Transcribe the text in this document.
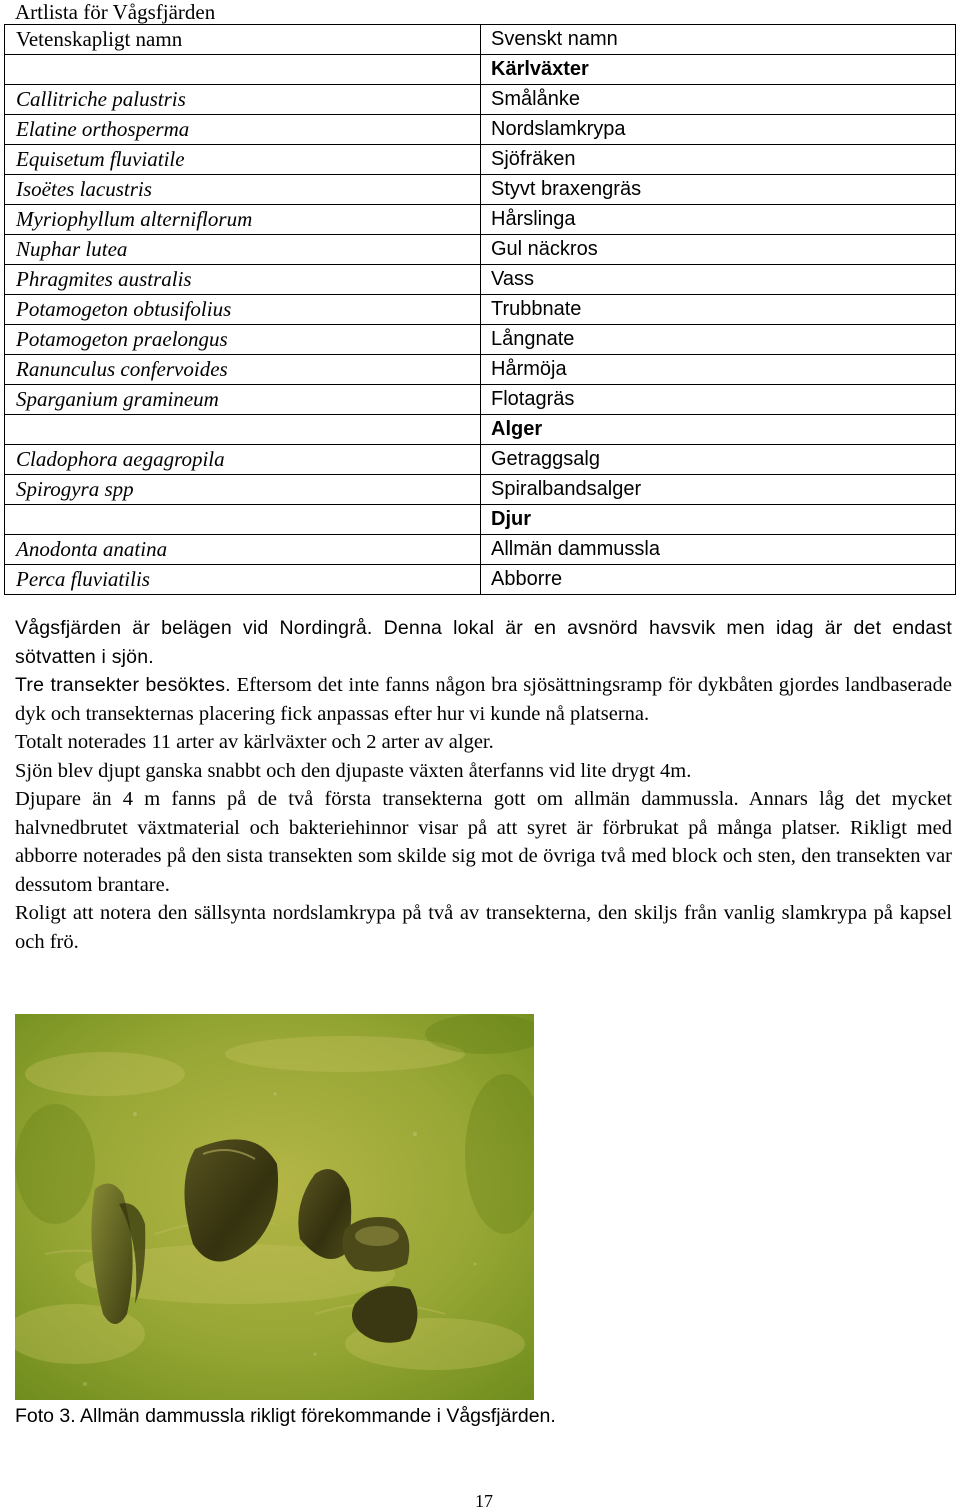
Artlista för Vågsfjärden
Vetenskapligt namn	Svenskt namn
	Kärlväxter
Callitriche palustris	Smålånke
Elatine orthosperma	Nordslamkrypa
Equisetum fluviatile	Sjöfräken
Isoëtes lacustris	Styvt braxengräs
Myriophyllum alterniflorum	Hårslinga
Nuphar lutea	Gul näckros
Phragmites australis	Vass
Potamogeton obtusifolius	Trubbnate
Potamogeton praelongus	Långnate
Ranunculus confervoides	Hårmöja
Sparganium gramineum	Flotagräs
	Alger
Cladophora aegagropila	Getraggsalg
Spirogyra spp	Spiralbandsalger
	Djur
Anodonta anatina	Allmän dammussla
Perca fluviatilis	Abborre

Vågsfjärden är belägen vid Nordingrå. Denna lokal är en avsnörd havsvik men idag är det endast sötvatten i sjön.

Tre transekter besöktes. Eftersom det inte fanns någon bra sjösättningsramp för dykbåten gjordes landbaserade dyk och transekternas placering fick anpassas efter hur vi kunde nå platserna.

Totalt noterades 11 arter av kärlväxter och 2 arter av alger.

Sjön blev djupt ganska snabbt och den djupaste växten återfanns vid lite drygt 4m.

Djupare än 4 m fanns på de två första transekterna gott om allmän dammussla. Annars låg det mycket halvnedbrutet växtmaterial och bakteriehinnor visar på att syret är förbrukat på många platser. Rikligt med abborre noterades på den sista transekten som skilde sig mot de övriga två med block och sten, den transekten var dessutom brantare.

Roligt att notera den sällsynta nordslamkrypa på två av transekterna, den skiljs från vanlig slamkrypa på kapsel och frö.

Foto 3. Allmän dammussla rikligt förekommande i Vågsfjärden.
17
